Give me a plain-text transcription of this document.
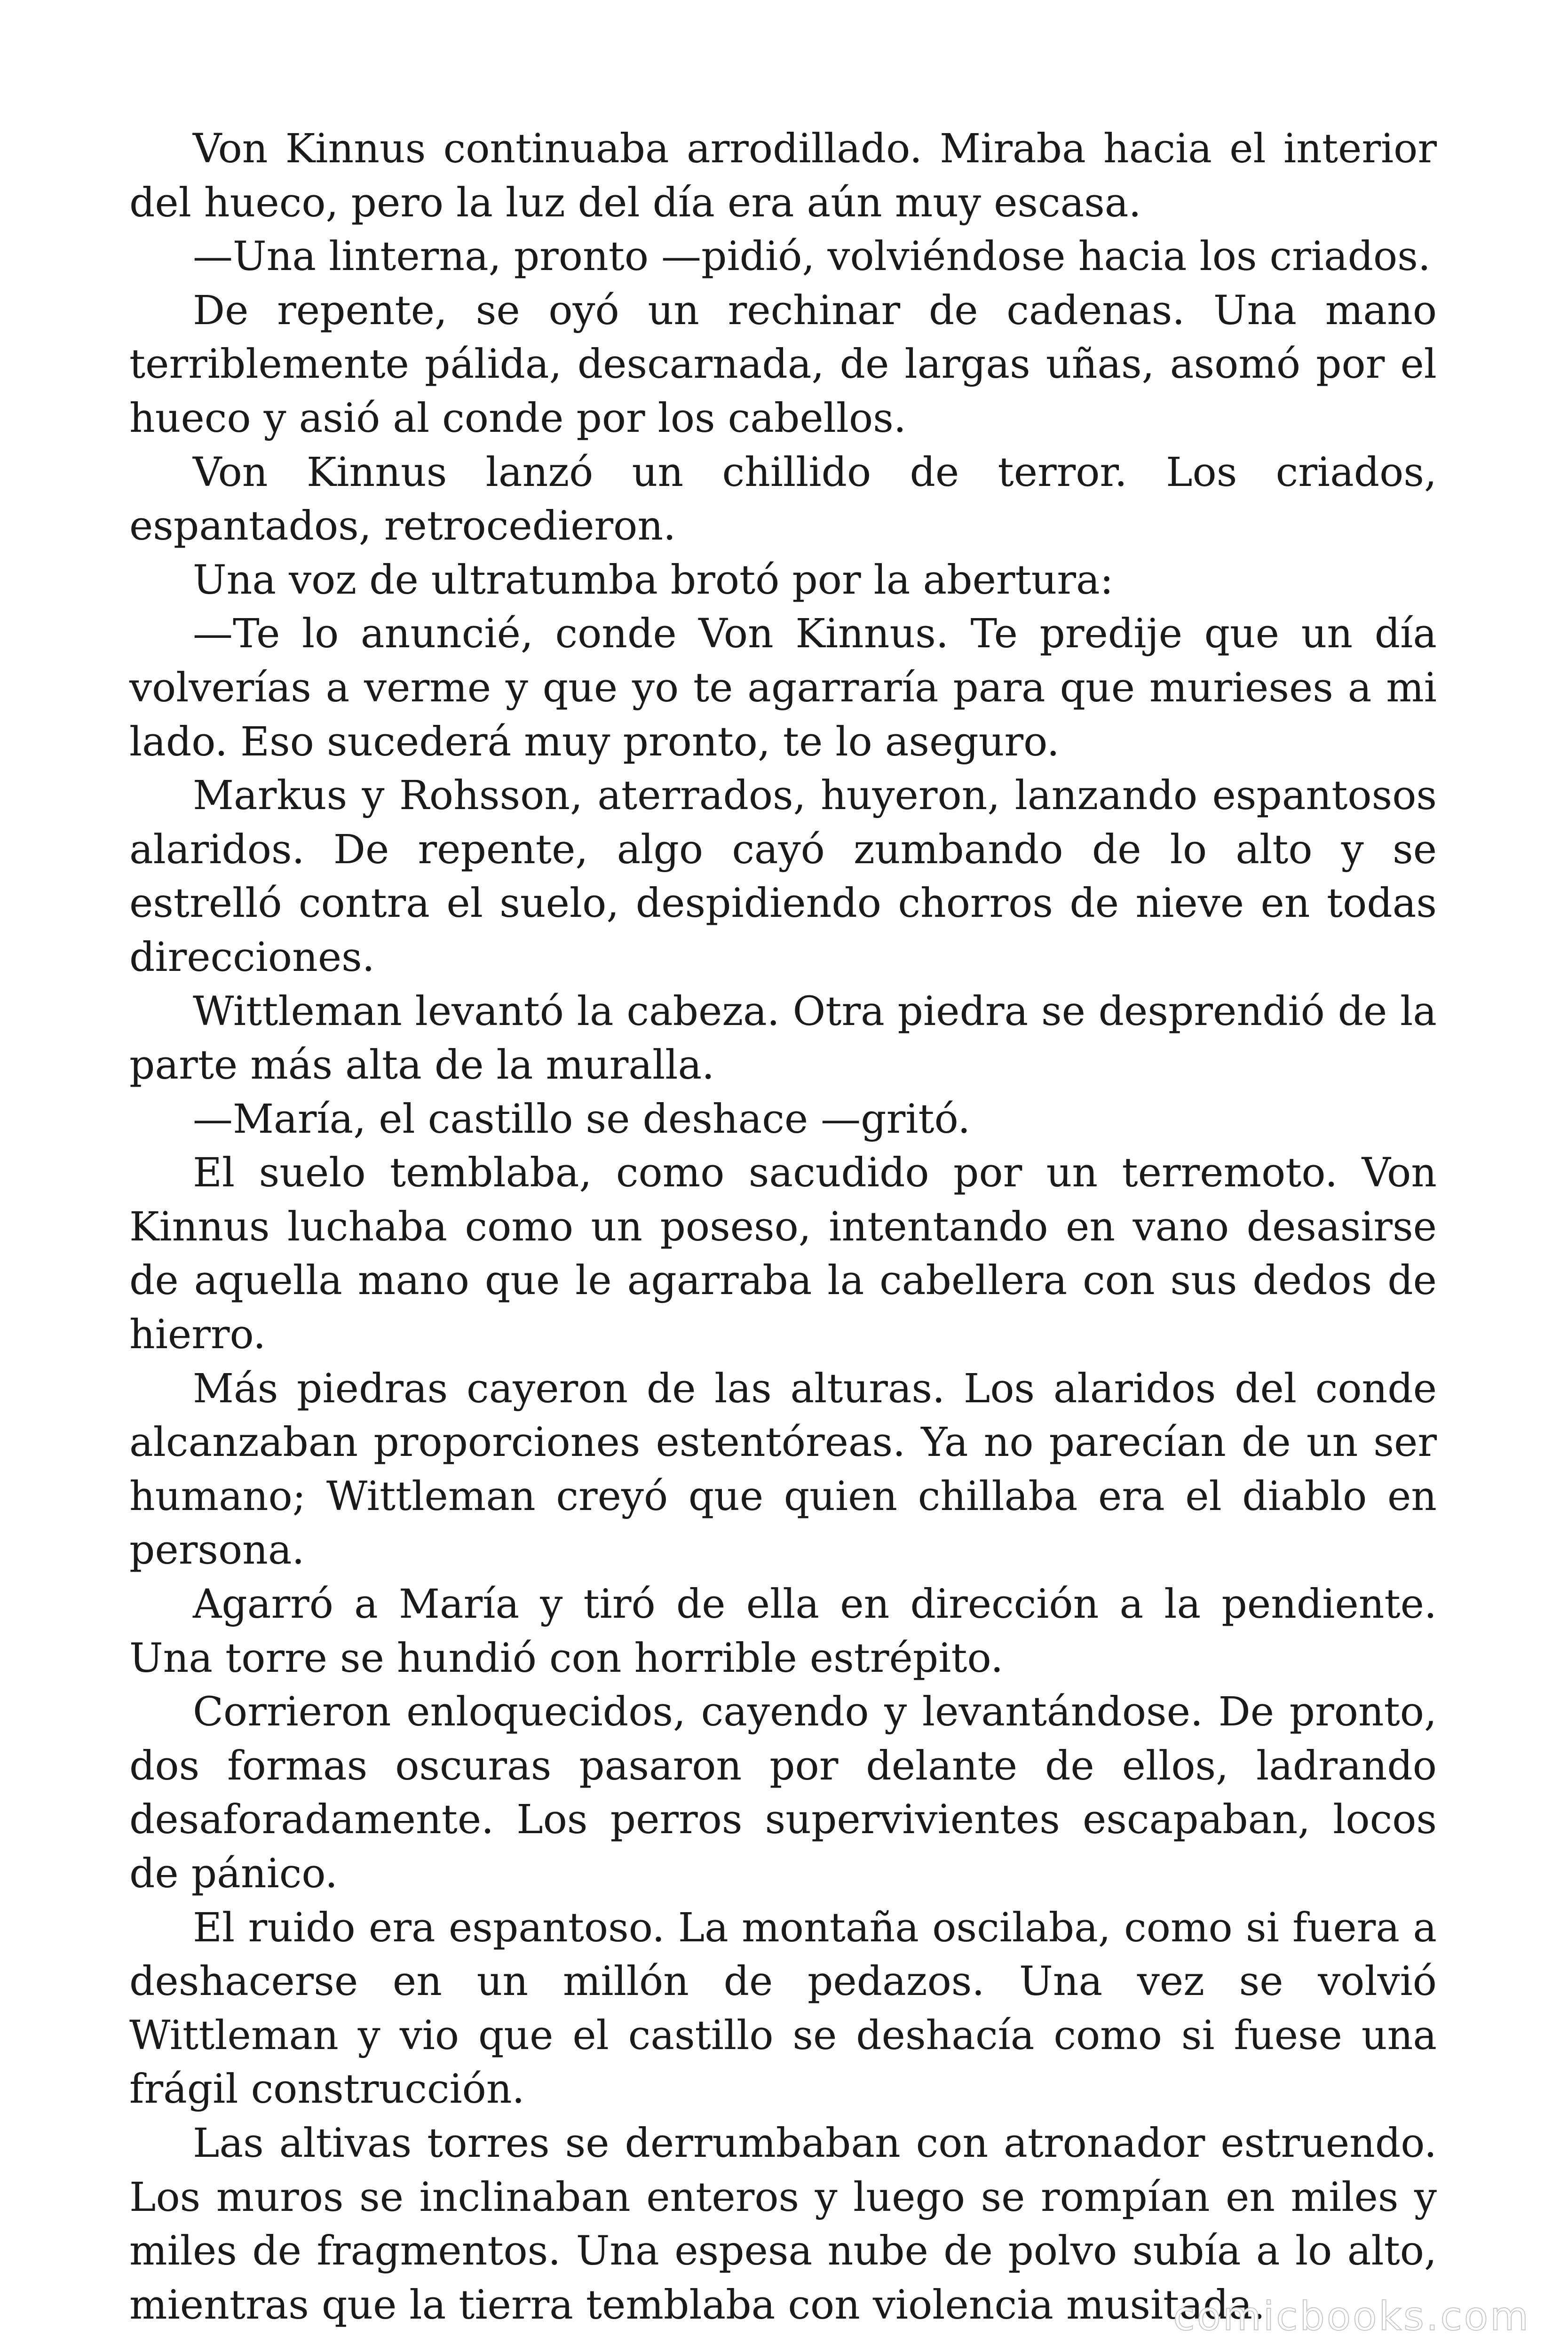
Von Kinnus continuaba arrodillado. Miraba hacia el interior del hueco, pero la luz del día era aún muy escasa.

—Una linterna, pronto —pidió, volviéndose hacia los criados.

De repente, se oyó un rechinar de cadenas. Una mano terriblemente pálida, descarnada, de largas uñas, asomó por el hueco y asió al conde por los cabellos.

Von Kinnus lanzó un chillido de terror. Los criados, espantados, retrocedieron.

Una voz de ultratumba brotó por la abertura:

—Te lo anuncié, conde Von Kinnus. Te predije que un día volverías a verme y que yo te agarraría para que murieses a mi lado. Eso sucederá muy pronto, te lo aseguro.

Markus y Rohsson, aterrados, huyeron, lanzando espantosos alaridos. De repente, algo cayó zumbando de lo alto y se estrelló contra el suelo, despidiendo chorros de nieve en todas direcciones.

Wittleman levantó la cabeza. Otra piedra se desprendió de la parte más alta de la muralla.

—María, el castillo se deshace —gritó.

El suelo temblaba, como sacudido por un terremoto. Von Kinnus luchaba como un poseso, intentando en vano desasirse de aquella mano que le agarraba la cabellera con sus dedos de hierro.

Más piedras cayeron de las alturas. Los alaridos del conde alcanzaban proporciones estentóreas. Ya no parecían de un ser humano; Wittleman creyó que quien chillaba era el diablo en persona.

Agarró a María y tiró de ella en dirección a la pendiente. Una torre se hundió con horrible estrépito.

Corrieron enloquecidos, cayendo y levantándose. De pronto, dos formas oscuras pasaron por delante de ellos, ladrando desaforadamente. Los perros supervivientes escapaban, locos de pánico.

El ruido era espantoso. La montaña oscilaba, como si fuera a deshacerse en un millón de pedazos. Una vez se volvió Wittleman y vio que el castillo se deshacía como si fuese una frágil construcción.

Las altivas torres se derrumbaban con atronador estruendo. Los muros se inclinaban enteros y luego se rompían en miles y miles de fragmentos. Una espesa nube de polvo subía a lo alto, mientras que la tierra temblaba con violencia musitada.

comicbooks.com
